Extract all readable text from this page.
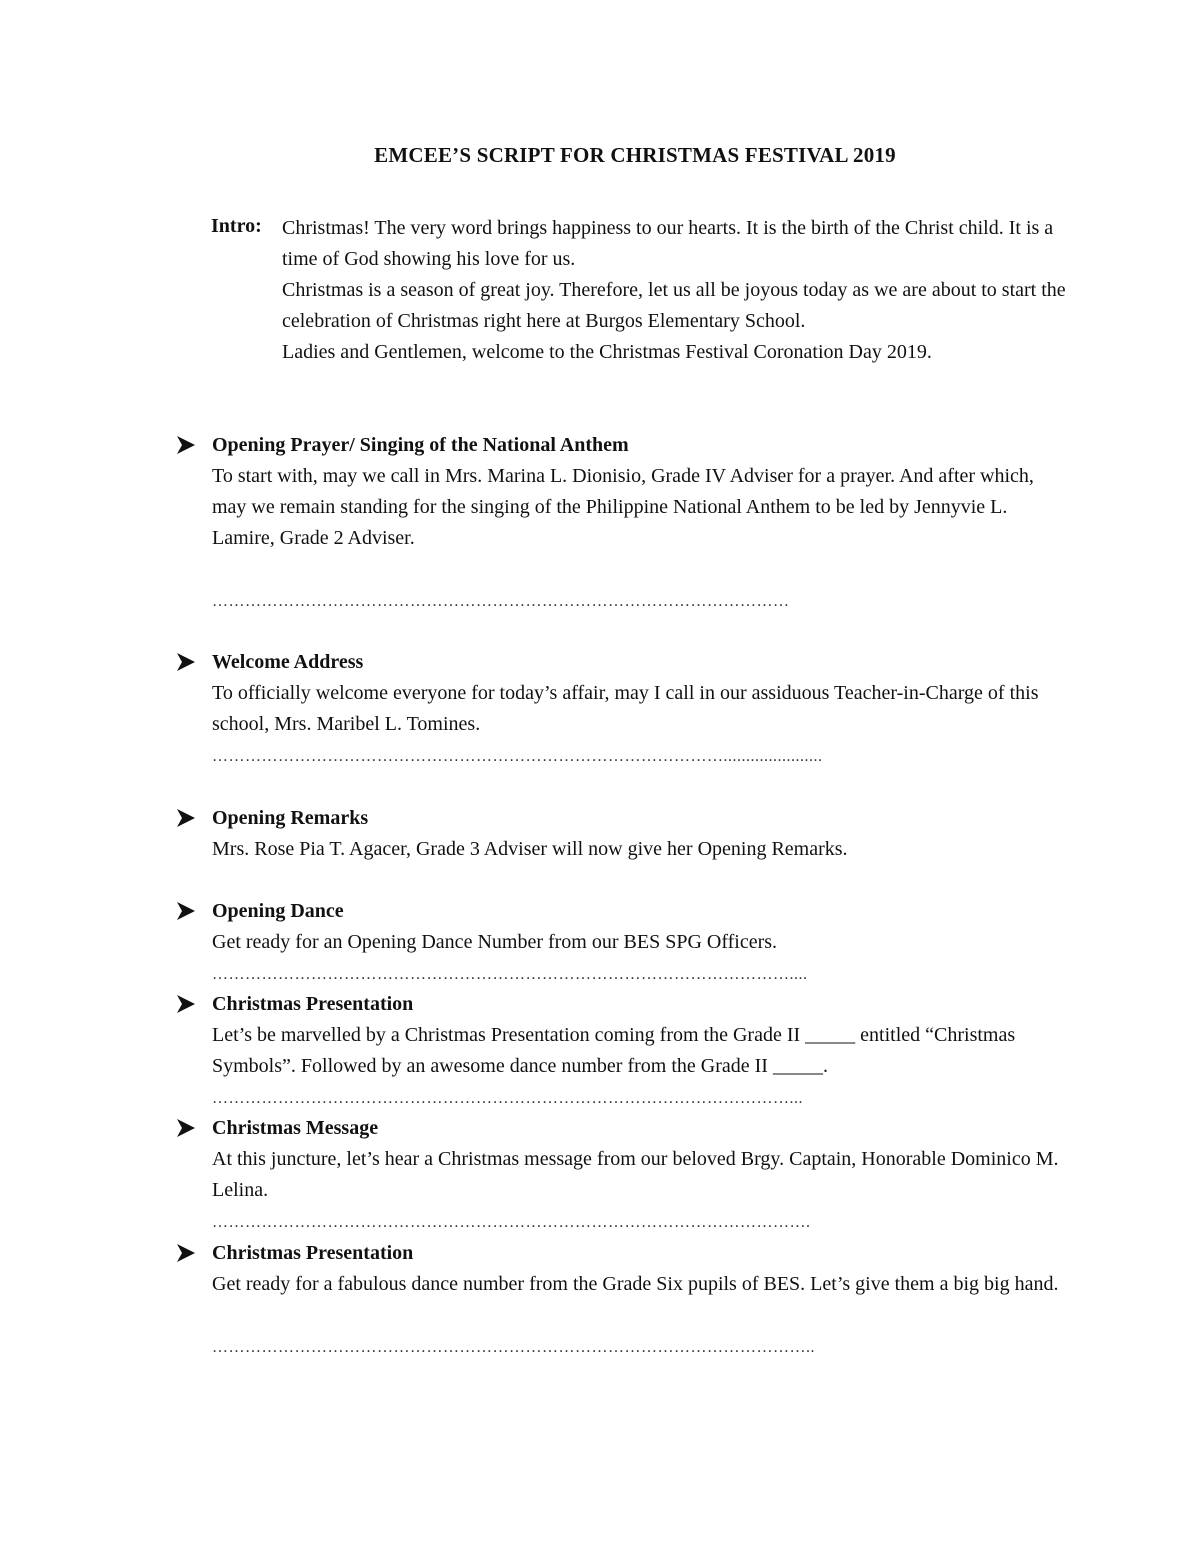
EMCEE’S SCRIPT FOR CHRISTMAS FESTIVAL 2019
Intro: Christmas! The very word brings happiness to our hearts. It is the birth of the Christ child. It is a time of God showing his love for us.

Christmas is a season of great joy. Therefore, let us all be joyous today as we are about to start the celebration of Christmas right here at Burgos Elementary School.

Ladies and Gentlemen, welcome to the Christmas Festival Coronation Day 2019.

Opening Prayer/ Singing of the National Anthem

To start with, may we call in Mrs. Marina L. Dionisio, Grade IV Adviser for a prayer. And after which, may we remain standing for the singing of the Philippine National Anthem to be led by Jennyvie L. Lamire, Grade 2 Adviser.

……………………………………………………………………………………………
Welcome Address

To officially welcome everyone for today’s affair, may I call in our assiduous Teacher-in-Charge of this school, Mrs. Maribel L. Tomines.

…………………………………………………………………………………......................
Opening Remarks

Mrs. Rose Pia T. Agacer, Grade 3 Adviser will now give her Opening Remarks.

Opening Dance

Get ready for an Opening Dance Number from our BES SPG Officers.

……………………………………………………………………………………………....
Christmas Presentation

Let’s be marvelled by a Christmas Presentation coming from the Grade II _____ entitled “Christmas Symbols”. Followed by an awesome dance number from the Grade II _____.

……………………………………………………………………………………………...
Christmas Message

At this juncture, let’s hear a Christmas message from our beloved Brgy. Captain, Honorable Dominico M. Lelina.

……………………………………………………………………………………………….
Christmas Presentation

Get ready for a fabulous dance number from the Grade Six pupils of BES. Let’s give them a big big hand.

………………………………………………………………………………………………..
